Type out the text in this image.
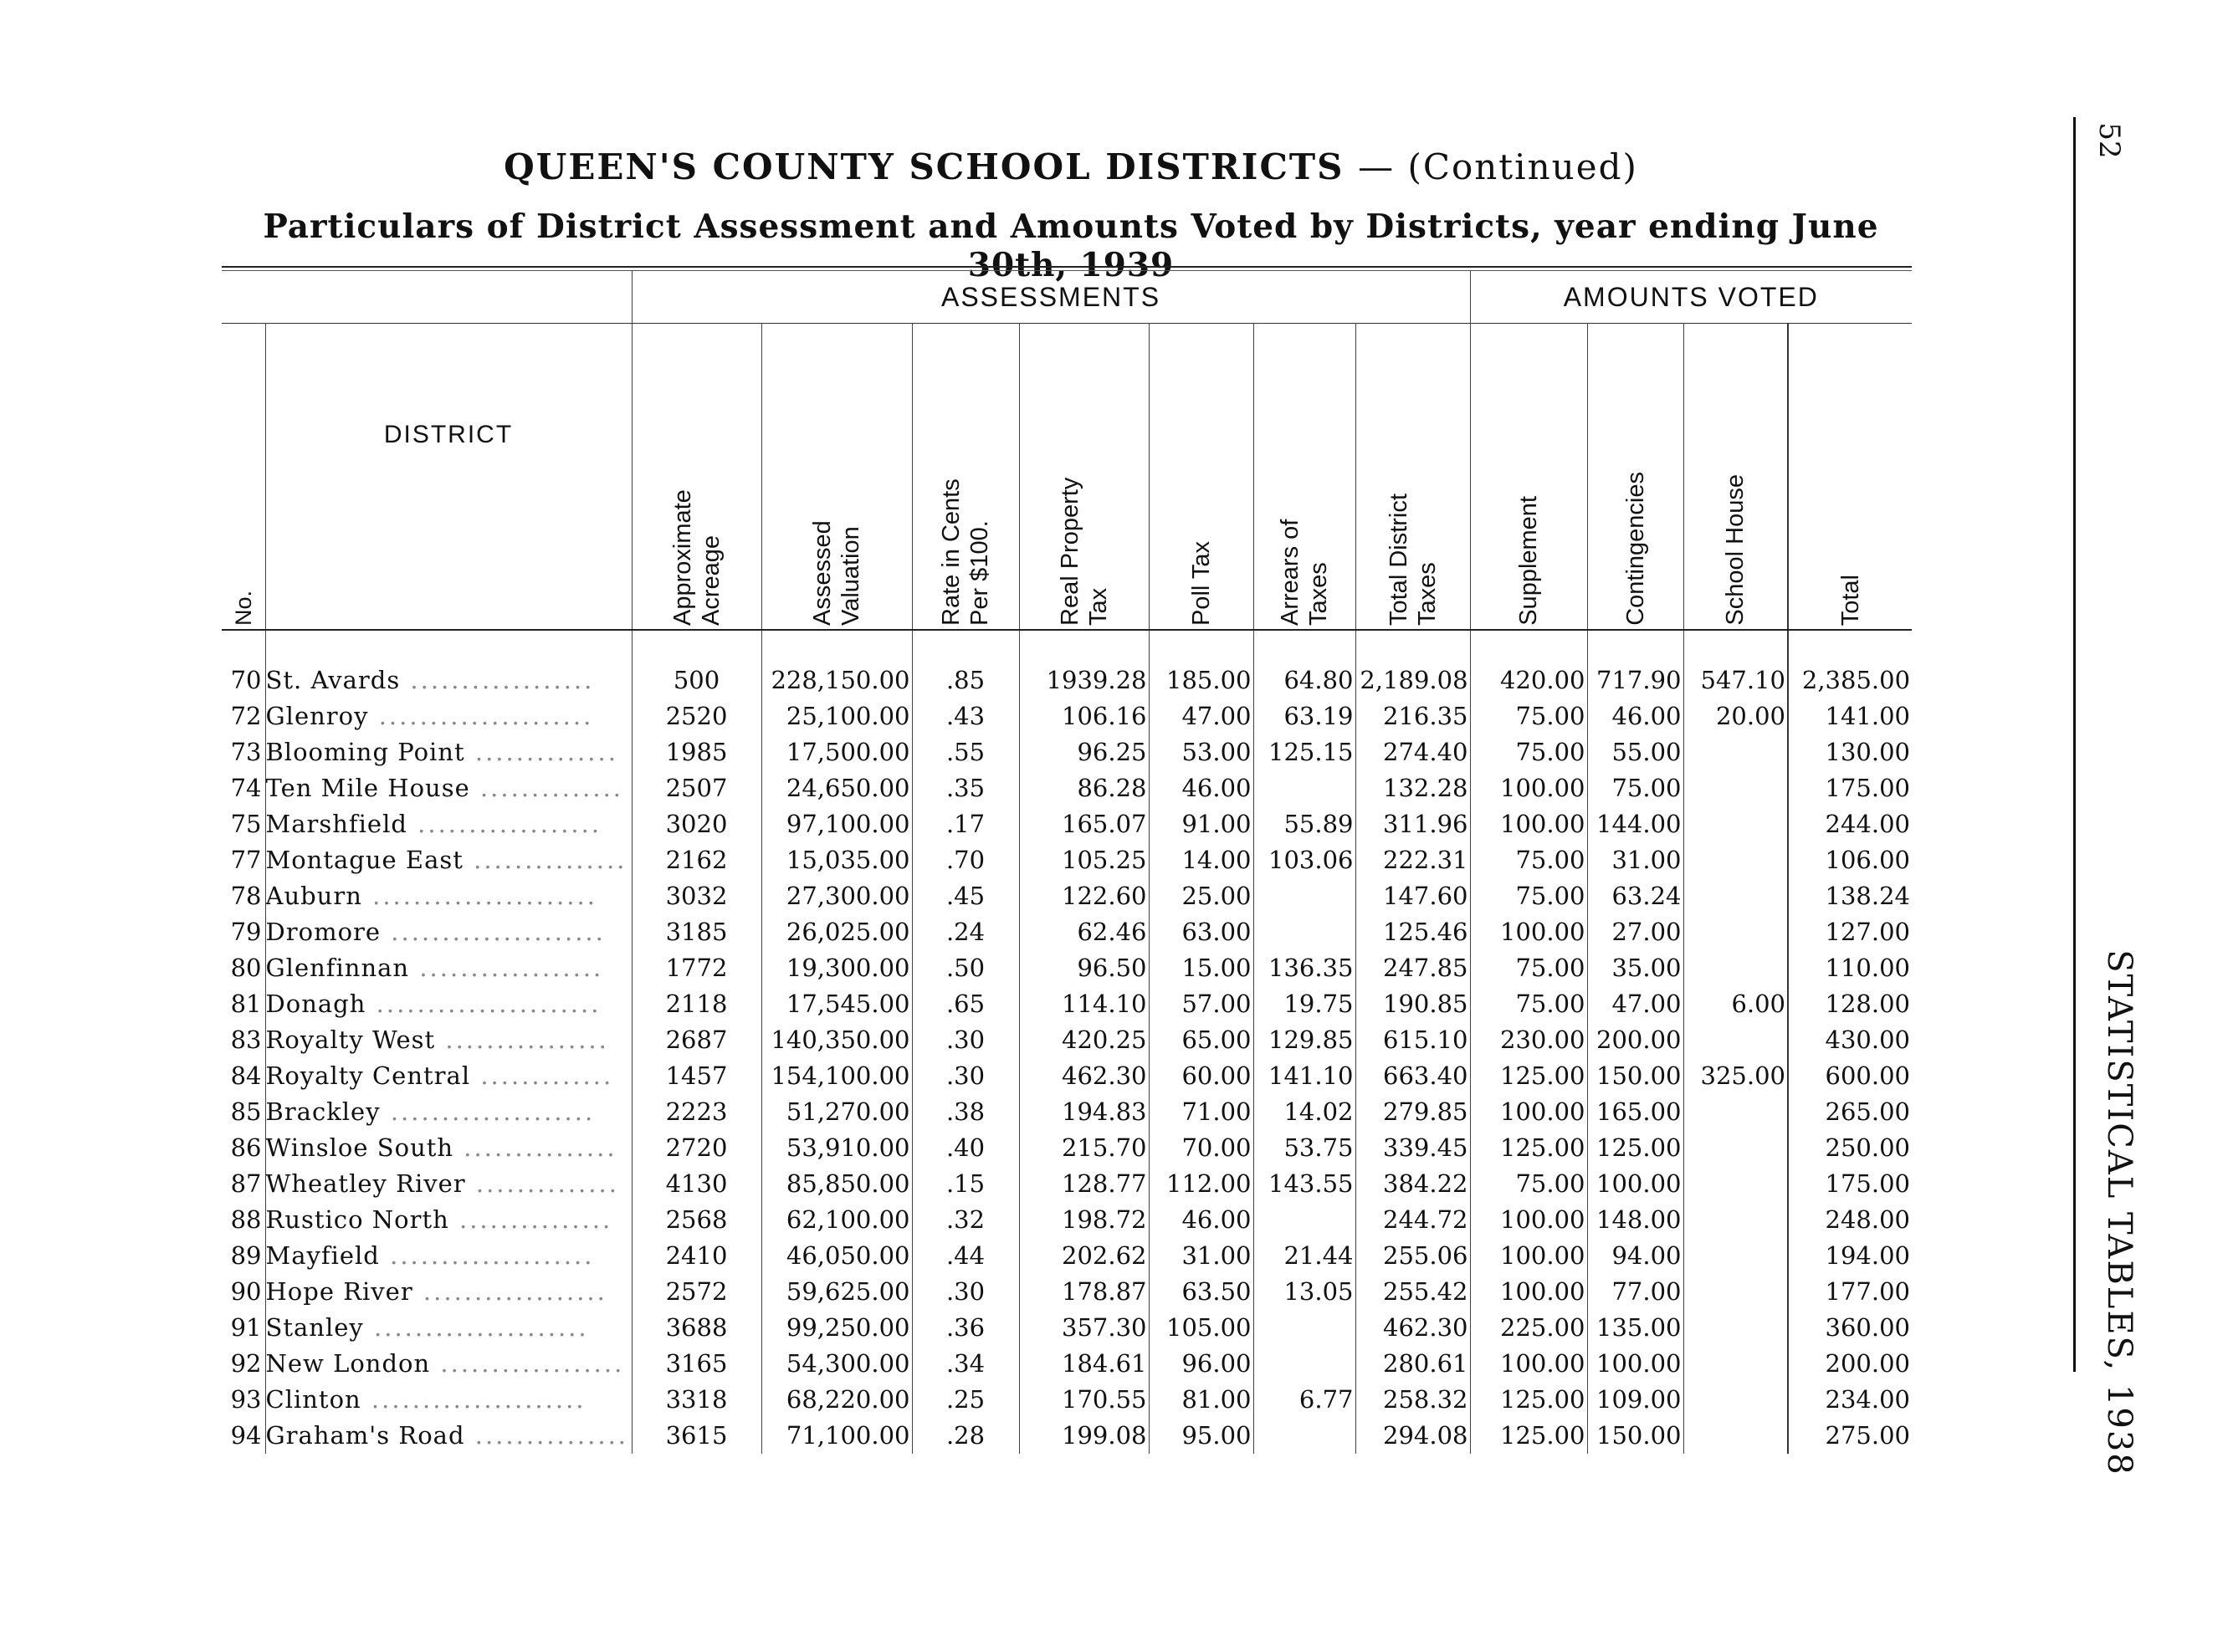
QUEEN'S COUNTY SCHOOL DISTRICTS — (Continued)
Particulars of District Assessment and Amounts Voted by Districts, year ending June 30th, 1939
52
STATISTICAL TABLES, 1938
		ASSESSMENTS							AMOUNTS VOTED			
No.	DISTRICT	Approximate Acreage	Assessed Valuation	Rate in Cents Per $100.	Real Property Tax	Poll Tax	Arrears of Taxes	Total District Taxes	Supplement	Contingencies	School House	Total
70	St. Avards ..................	500	228,150.00	.85	1939.28	185.00	64.80	2,189.08	420.00	717.90	547.10	2,385.00
72	Glenroy .....................	2520	25,100.00	.43	106.16	47.00	63.19	216.35	75.00	46.00	20.00	141.00
73	Blooming Point ..............	1985	17,500.00	.55	96.25	53.00	125.15	274.40	75.00	55.00		130.00
74	Ten Mile House ..............	2507	24,650.00	.35	86.28	46.00		132.28	100.00	75.00		175.00
75	Marshfield ..................	3020	97,100.00	.17	165.07	91.00	55.89	311.96	100.00	144.00		244.00
77	Montague East ...............	2162	15,035.00	.70	105.25	14.00	103.06	222.31	75.00	31.00		106.00
78	Auburn ......................	3032	27,300.00	.45	122.60	25.00		147.60	75.00	63.24		138.24
79	Dromore .....................	3185	26,025.00	.24	62.46	63.00		125.46	100.00	27.00		127.00
80	Glenfinnan ..................	1772	19,300.00	.50	96.50	15.00	136.35	247.85	75.00	35.00		110.00
81	Donagh ......................	2118	17,545.00	.65	114.10	57.00	19.75	190.85	75.00	47.00	6.00	128.00
83	Royalty West ................	2687	140,350.00	.30	420.25	65.00	129.85	615.10	230.00	200.00		430.00
84	Royalty Central .............	1457	154,100.00	.30	462.30	60.00	141.10	663.40	125.00	150.00	325.00	600.00
85	Brackley ....................	2223	51,270.00	.38	194.83	71.00	14.02	279.85	100.00	165.00		265.00
86	Winsloe South ...............	2720	53,910.00	.40	215.70	70.00	53.75	339.45	125.00	125.00		250.00
87	Wheatley River ..............	4130	85,850.00	.15	128.77	112.00	143.55	384.22	75.00	100.00		175.00
88	Rustico North ...............	2568	62,100.00	.32	198.72	46.00		244.72	100.00	148.00		248.00
89	Mayfield ....................	2410	46,050.00	.44	202.62	31.00	21.44	255.06	100.00	94.00		194.00
90	Hope River ..................	2572	59,625.00	.30	178.87	63.50	13.05	255.42	100.00	77.00		177.00
91	Stanley .....................	3688	99,250.00	.36	357.30	105.00		462.30	225.00	135.00		360.00
92	New London ..................	3165	54,300.00	.34	184.61	96.00		280.61	100.00	100.00		200.00
93	Clinton .....................	3318	68,220.00	.25	170.55	81.00	6.77	258.32	125.00	109.00		234.00
94	Graham's Road ...............	3615	71,100.00	.28	199.08	95.00		294.08	125.00	150.00		275.00
